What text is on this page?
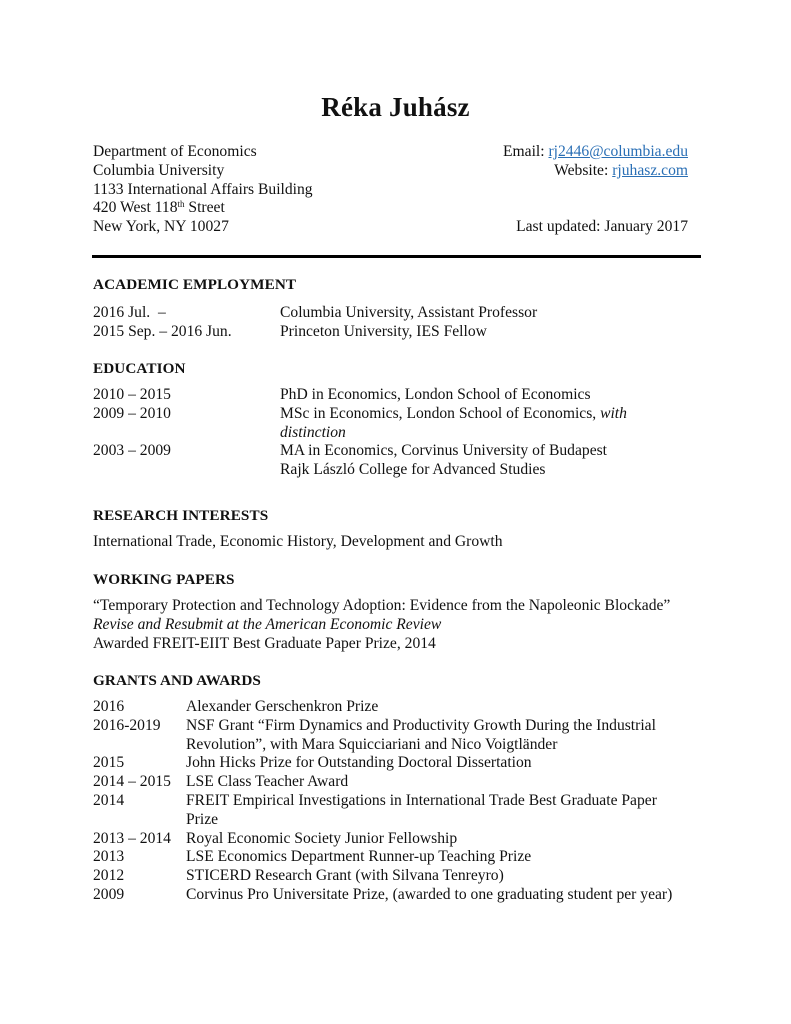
Réka Juhász
Department of Economics
Columbia University
1133 International Affairs Building
420 West 118th Street
New York, NY 10027
Email: rj2446@columbia.edu
Website: rjuhasz.com
Last updated: January 2017
ACADEMIC EMPLOYMENT
2016 Jul.  –	Columbia University, Assistant Professor
2015 Sep. – 2016 Jun.	Princeton University, IES Fellow
EDUCATION
2010 – 2015	PhD in Economics, London School of Economics
2009 – 2010	MSc in Economics, London School of Economics, with distinction
2003 – 2009	MA in Economics, Corvinus University of Budapest
Rajk László College for Advanced Studies
RESEARCH INTERESTS
International Trade, Economic History, Development and Growth
WORKING PAPERS
“Temporary Protection and Technology Adoption: Evidence from the Napoleonic Blockade” Revise and Resubmit at the American Economic Review
Awarded FREIT-EIIT Best Graduate Paper Prize, 2014
GRANTS AND AWARDS
2016	Alexander Gerschenkron Prize
2016-2019	NSF Grant “Firm Dynamics and Productivity Growth During the Industrial Revolution”, with Mara Squicciariani and Nico Voigtländer
2015	John Hicks Prize for Outstanding Doctoral Dissertation
2014 – 2015 LSE Class Teacher Award
2014	FREIT Empirical Investigations in International Trade Best Graduate Paper Prize
2013 – 2014 Royal Economic Society Junior Fellowship
2013	LSE Economics Department Runner-up Teaching Prize
2012	STICERD Research Grant (with Silvana Tenreyro)
2009	Corvinus Pro Universitate Prize, (awarded to one graduating student per year)
